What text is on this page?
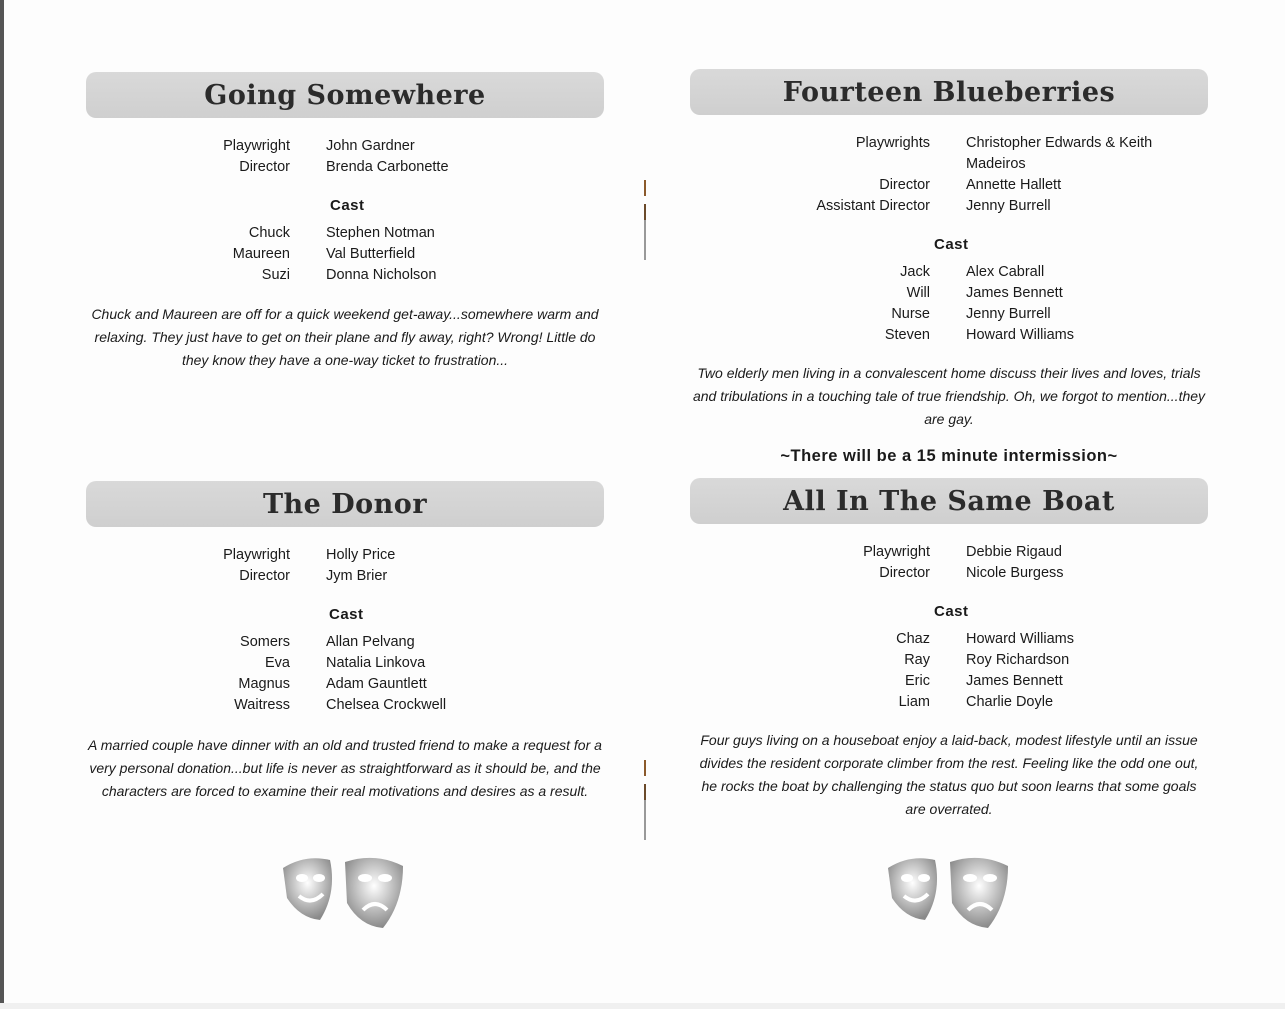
Going Somewhere
Playwright	John Gardner
Director	Brenda Carbonette
Cast
Chuck	Stephen Notman
Maureen	Val Butterfield
Suzi	Donna Nicholson

Chuck and Maureen are off for a quick weekend get-away...somewhere warm and relaxing. They just have to get on their plane and fly away, right? Wrong! Little do they know they have a one-way ticket to frustration...

Fourteen Blueberries
Playwrights	Christopher Edwards & Keith Madeiros
Director	Annette Hallett
Assistant Director	Jenny Burrell
Cast
Jack	Alex Cabrall
Will	James Bennett
Nurse	Jenny Burrell
Steven	Howard Williams

Two elderly men living in a convalescent home discuss their lives and loves, trials and tribulations in a touching tale of true friendship. Oh, we forgot to mention...they are gay.

~There will be a 15 minute intermission~
The Donor
Playwright	Holly Price
Director	Jym Brier
Cast
Somers	Allan Pelvang
Eva	Natalia Linkova
Magnus	Adam Gauntlett
Waitress	Chelsea Crockwell

A married couple have dinner with an old and trusted friend to make a request for a very personal donation...but life is never as straightforward as it should be, and the characters are forced to examine their real motivations and desires as a result.

All In The Same Boat
Playwright	Debbie Rigaud
Director	Nicole Burgess
Cast
Chaz	Howard Williams
Ray	Roy Richardson
Eric	James Bennett
Liam	Charlie Doyle

Four guys living on a houseboat enjoy a laid-back, modest lifestyle until an issue divides the resident corporate climber from the rest. Feeling like the odd one out, he rocks the boat by challenging the status quo but soon learns that some goals are overrated.
